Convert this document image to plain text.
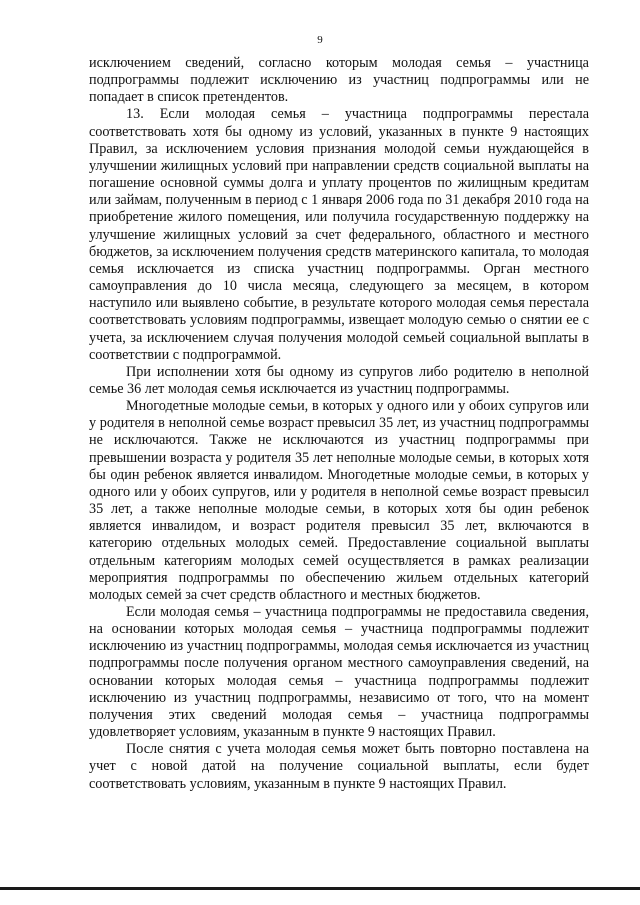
9

исключением сведений, согласно которым молодая семья – участница подпрограммы подлежит исключению из участниц подпрограммы или не попадает в список претендентов.

13. Если молодая семья – участница подпрограммы перестала соответствовать хотя бы одному из условий, указанных в пункте 9 настоящих Правил, за исключением условия признания молодой семьи нуждающейся в улучшении жилищных условий при направлении средств социальной выплаты на погашение основной суммы долга и уплату процентов по жилищным кредитам или займам, полученным в период с 1 января 2006 года по 31 декабря 2010 года на приобретение жилого помещения, или получила государственную поддержку на улучшение жилищных условий за счет федерального, областного и местного бюджетов, за исключением получения средств материнского капитала, то молодая семья исключается из списка участниц подпрограммы. Орган местного самоуправления до 10 числа месяца, следующего за месяцем, в котором наступило или выявлено событие, в результате которого молодая семья перестала соответствовать условиям подпрограммы, извещает молодую семью о снятии ее с учета, за исключением случая получения молодой семьей социальной выплаты в соответствии с подпрограммой.

При исполнении хотя бы одному из супругов либо родителю в неполной семье 36 лет молодая семья исключается из участниц подпрограммы.

Многодетные молодые семьи, в которых у одного или у обоих супругов или у родителя в неполной семье возраст превысил 35 лет, из участниц подпрограммы не исключаются. Также не исключаются из участниц подпрограммы при превышении возраста у родителя 35 лет неполные молодые семьи, в которых хотя бы один ребенок является инвалидом. Многодетные молодые семьи, в которых у одного или у обоих супругов, или у родителя в неполной семье возраст превысил 35 лет, а также неполные молодые семьи, в которых хотя бы один ребенок является инвалидом, и возраст родителя превысил 35 лет, включаются в категорию отдельных молодых семей. Предоставление социальной выплаты отдельным категориям молодых семей осуществляется в рамках реализации мероприятия подпрограммы по обеспечению жильем отдельных категорий молодых семей за счет средств областного и местных бюджетов.

Если молодая семья – участница подпрограммы не предоставила сведения, на основании которых молодая семья – участница подпрограммы подлежит исключению из участниц подпрограммы, молодая семья исключается из участниц подпрограммы после получения органом местного самоуправления сведений, на основании которых молодая семья – участница подпрограммы подлежит исключению из участниц подпрограммы, независимо от того, что на момент получения этих сведений молодая семья – участница подпрограммы удовлетворяет условиям, указанным в пункте 9 настоящих Правил.

После снятия с учета молодая семья может быть повторно поставлена на учет с новой датой на получение социальной выплаты, если будет соответствовать условиям, указанным в пункте 9 настоящих Правил.
